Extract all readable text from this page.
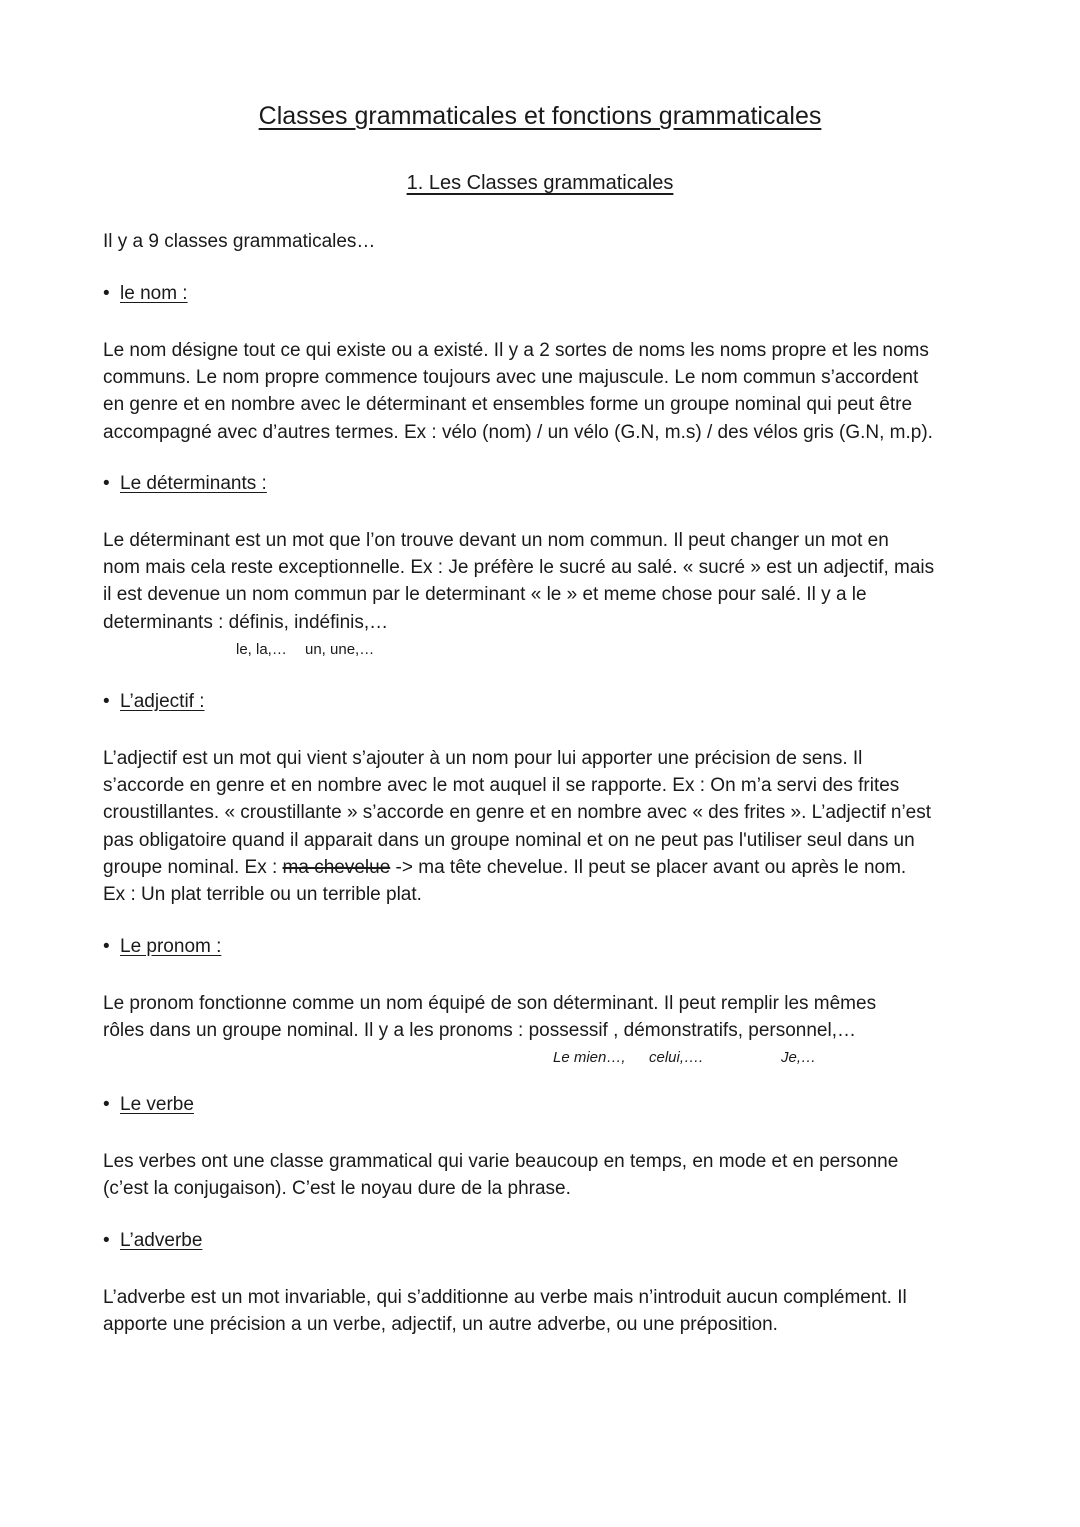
Classes grammaticales et fonctions grammaticales
1. Les Classes grammaticales
Il y a 9 classes grammaticales…
• le nom :
Le nom désigne tout ce qui existe ou a existé. Il y a 2 sortes de noms les noms propre et les noms
communs. Le nom propre commence toujours avec une majuscule. Le nom commun s’accordent
en genre et en nombre avec le déterminant et ensembles forme un groupe nominal qui peut être
accompagné avec d’autres termes. Ex : vélo (nom) / un vélo (G.N, m.s) / des vélos gris (G.N, m.p).
• Le déterminants :
Le déterminant est un mot que l’on trouve devant un nom commun. Il peut changer un mot en
nom mais cela reste exceptionnelle. Ex : Je préfère le sucré au salé. « sucré » est un adjectif, mais
il est devenue un nom commun par le determinant « le » et meme chose pour salé. Il y a le
determinants : définis, indéfinis,…
le, la,… un, une,…
• L’adjectif :
L’adjectif est un mot qui vient s’ajouter à un nom pour lui apporter une précision de sens. Il
s’accorde en genre et en nombre avec le mot auquel il se rapporte. Ex : On m’a servi des frites
croustillantes. « croustillante » s’accorde en genre et en nombre avec « des frites ». L’adjectif n’est
pas obligatoire quand il apparait dans un groupe nominal et on ne peut pas l'utiliser seul dans un
groupe nominal. Ex : ma chevelue -> ma tête chevelue. Il peut se placer avant ou après le nom.
Ex : Un plat terrible ou un terrible plat.
• Le pronom :
Le pronom fonctionne comme un nom équipé de son déterminant. Il peut remplir les mêmes
rôles dans un groupe nominal. Il y a les pronoms : possessif , démonstratifs, personnel,…
Le mien…, celui,….	Je,…
• Le verbe
Les verbes ont une classe grammatical qui varie beaucoup en temps, en mode et en personne
(c’est la conjugaison). C’est le noyau dure de la phrase.
• L’adverbe
L’adverbe est un mot invariable, qui s’additionne au verbe mais n’introduit aucun complément. Il
apporte une précision a un verbe, adjectif, un autre adverbe, ou une préposition.
